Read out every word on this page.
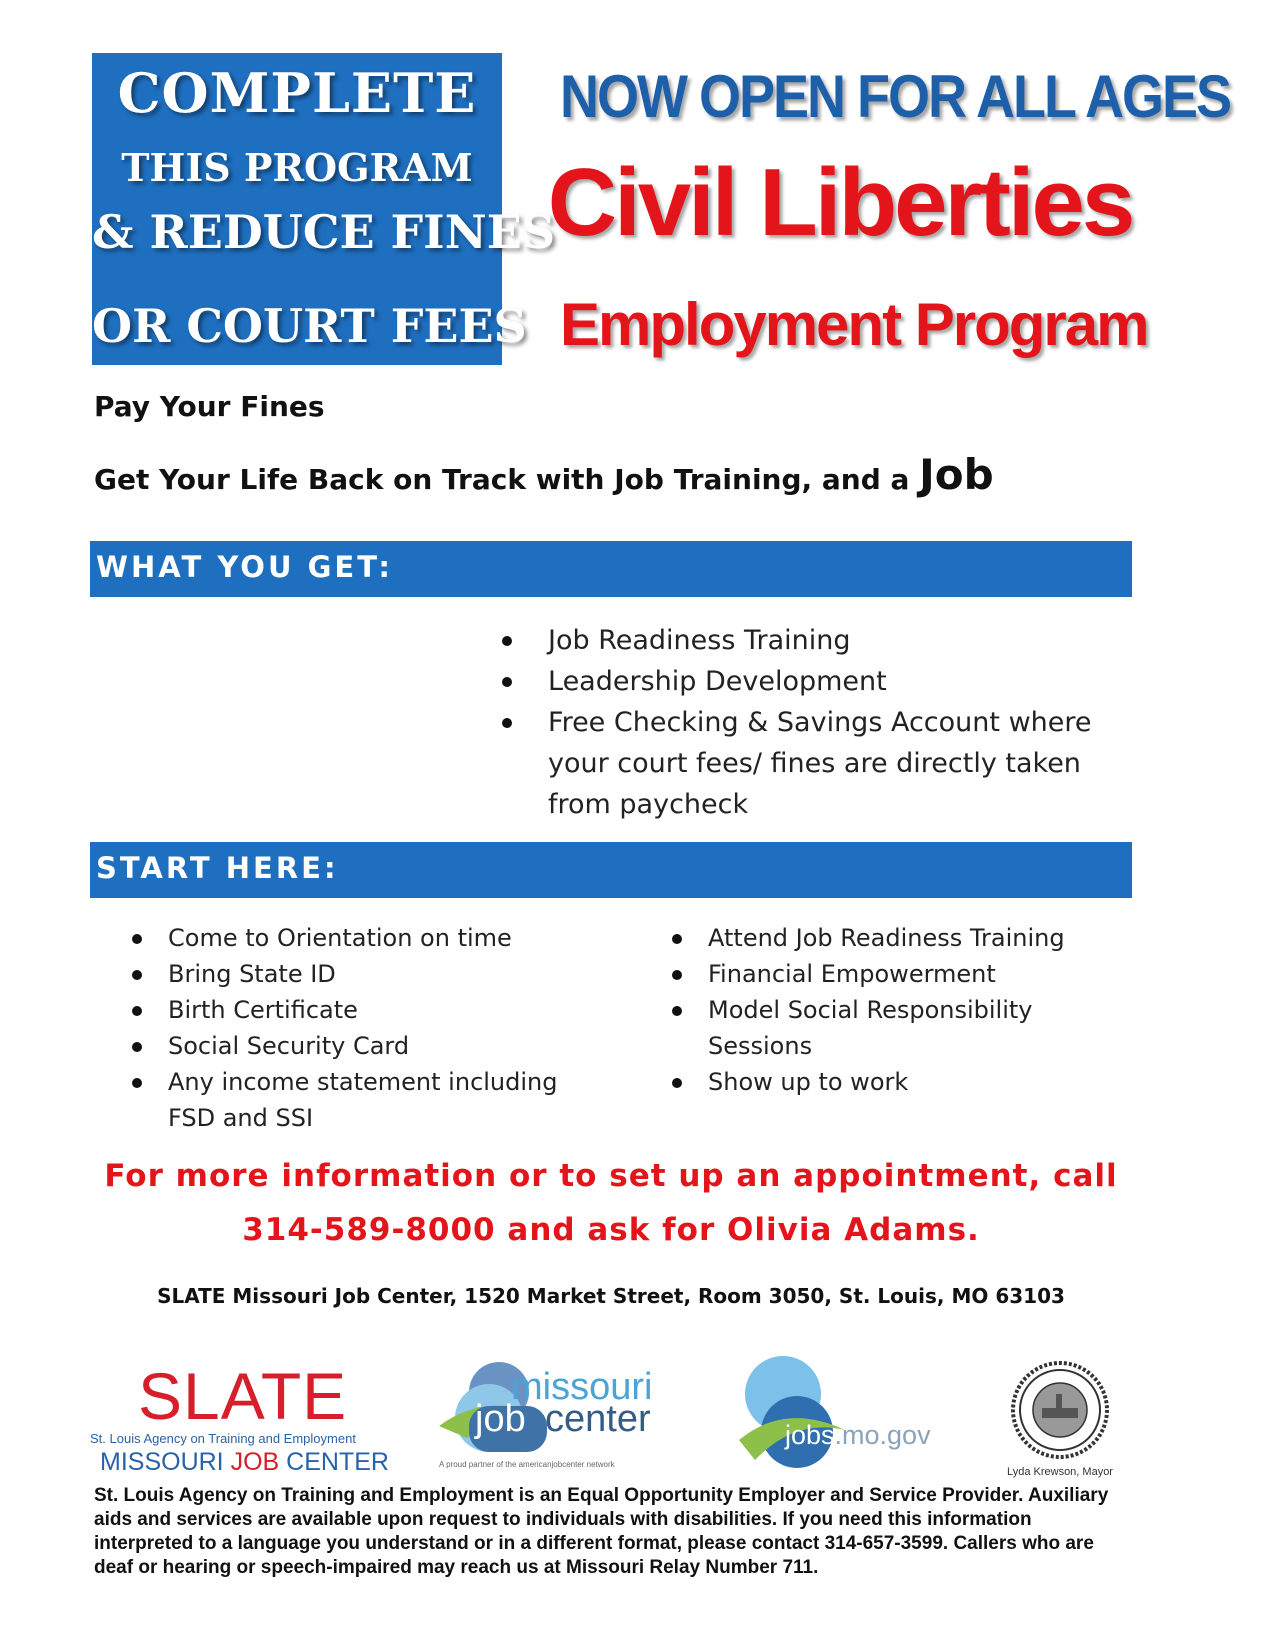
COMPLETE
THIS PROGRAM
& REDUCE FINES
OR COURT FEES
NOW OPEN FOR ALL AGES
Civil Liberties
Employment Program
Pay Your Fines
Get Your Life Back on Track with Job Training, and a Job
WHAT YOU GET:
Job Readiness Training
Leadership Development
Free Checking & Savings Account where your court fees/ fines are directly taken from paycheck
START HERE:
Come to Orientation on time
Bring State ID
Birth Certificate
Social Security Card
Any income statement including FSD and SSI
Attend Job Readiness Training
Financial Empowerment
Model Social Responsibility Sessions
Show up to work
For more information or to set up an appointment, call
314-589-8000 and ask for Olivia Adams.
SLATE Missouri Job Center, 1520 Market Street, Room 3050, St. Louis, MO 63103
SLATE
St. Louis Agency on Training and Employment
MISSOURI JOB CENTER
missouri
job center
A proud partner of the americanjobcenter network
jobs.mo.gov
Lyda Krewson, Mayor
St. Louis Agency on Training and Employment is an Equal Opportunity Employer and Service Provider. Auxiliary aids and services are available upon request to individuals with disabilities. If you need this information interpreted to a language you understand or in a different format, please contact 314-657-3599. Callers who are deaf or hearing or speech-impaired may reach us at Missouri Relay Number 711.
